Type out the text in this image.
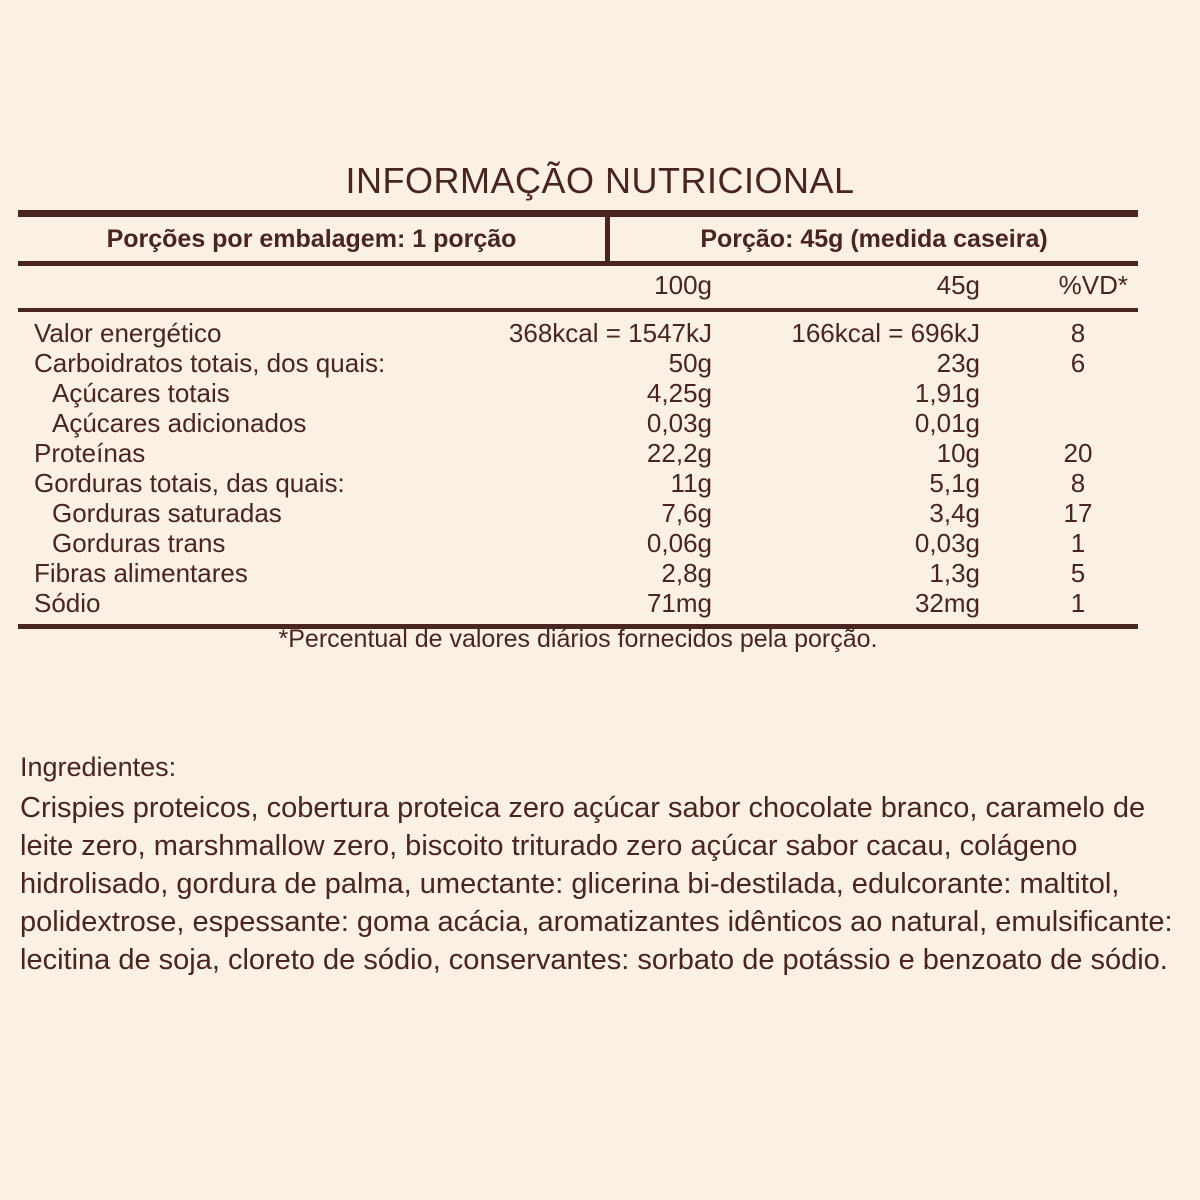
INFORMAÇÃO NUTRICIONAL
Porções por embalagem: 1 porção	Porção: 45g (medida caseira)
100g	45g	%VD*
Valor energético	368kcal = 1547kJ	166kcal = 696kJ	8
Carboidratos totais, dos quais:	50g	23g	6
Açúcares totais	4,25g	1,91g
Açúcares adicionados	0,03g	0,01g
Proteínas	22,2g	10g	20
Gorduras totais, das quais:	11g	5,1g	8
Gorduras saturadas	7,6g	3,4g	17
Gorduras trans	0,06g	0,03g	1
Fibras alimentares	2,8g	1,3g	5
Sódio	71mg	32mg	1
*Percentual de valores diários fornecidos pela porção.
Ingredientes:
Crispies proteicos, cobertura proteica zero açúcar sabor chocolate branco, caramelo de leite zero, marshmallow zero, biscoito triturado zero açúcar sabor cacau, colágeno hidrolisado, gordura de palma, umectante: glicerina bi-destilada, edulcorante: maltitol, polidextrose, espessante: goma acácia, aromatizantes idênticos ao natural, emulsificante: lecitina de soja, cloreto de sódio, conservantes: sorbato de potássio e benzoato de sódio.
